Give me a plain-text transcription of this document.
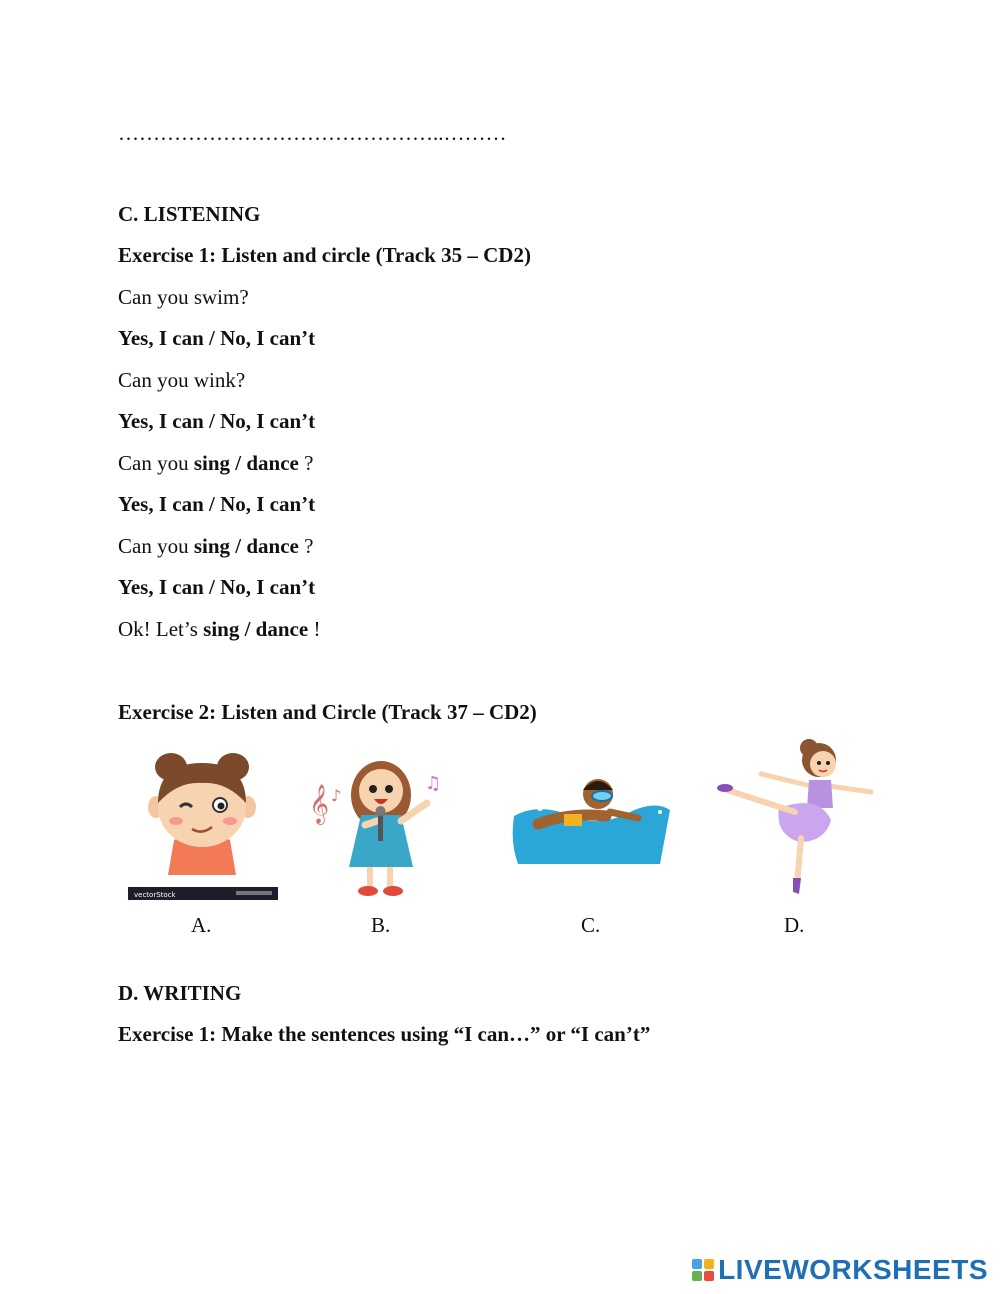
………………………………………..………
C. LISTENING
Exercise 1: Listen and circle (Track 35 – CD2)
Can you swim?
Yes, I can / No, I can’t
Can you wink?
Yes, I can / No, I can’t
Can you sing / dance ?
Yes, I can / No, I can’t
Can you sing / dance ?
Yes, I can / No, I can’t
Ok! Let’s sing / dance !
Exercise 2: Listen and Circle (Track 37 – CD2)
vectorStock
𝄞 ♪
♫
A.	B.	C.	D.
D. WRITING
Exercise 1: Make the sentences using “I can…” or “I can’t”
LIVEWORKSHEETS
